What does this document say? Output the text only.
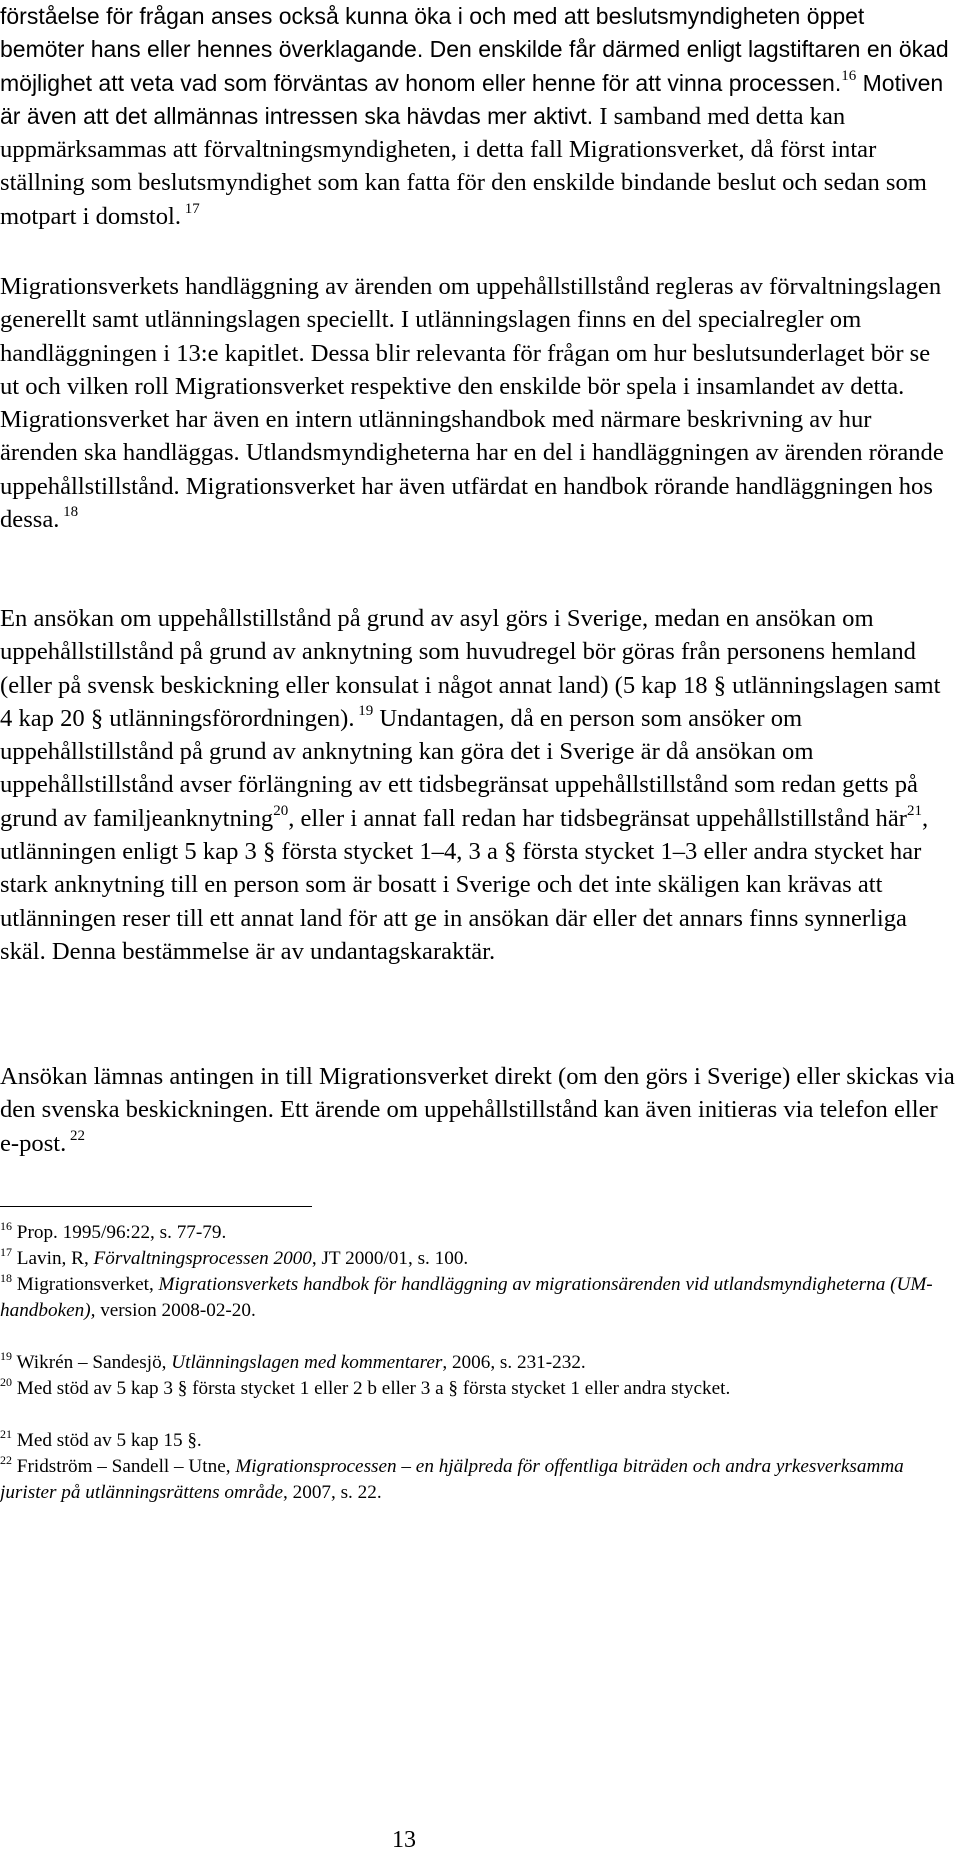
förståelse för frågan anses också kunna öka i och med att beslutsmyndigheten öppet bemöter hans eller hennes överklagande. Den enskilde får därmed enligt lagstiftaren en ökad möjlighet att veta vad som förväntas av honom eller henne för att vinna processen.$^{16}$ Motiven är även att det allmännas intressen ska hävdas mer aktivt. I samband med detta kan uppmärksammas att förvaltningsmyndigheten, i detta fall Migrationsverket, då först intar ställning som beslutsmyndighet som kan fatta för den enskilde bindande beslut och sedan som motpart i domstol. $^{17}$

Migrationsverkets handläggning av ärenden om uppehållstillstånd regleras av förvaltningslagen generellt samt utlänningslagen speciellt. I utlänningslagen finns en del specialregler om handläggningen i 13:e kapitlet. Dessa blir relevanta för frågan om hur beslutsunderlaget bör se ut och vilken roll Migrationsverket respektive den enskilde bör spela i insamlandet av detta. Migrationsverket har även en intern utlänningshandbok med närmare beskrivning av hur ärenden ska handläggas. Utlandsmyndigheterna har en del i handläggningen av ärenden rörande uppehållstillstånd. Migrationsverket har även utfärdat en handbok rörande handläggningen hos dessa. $^{18}$

En ansökan om uppehållstillstånd på grund av asyl görs i Sverige, medan en ansökan om uppehållstillstånd på grund av anknytning som huvudregel bör göras från personens hemland (eller på svensk beskickning eller konsulat i något annat land) (5 kap 18 § utlänningslagen samt 4 kap 20 § utlänningsförordningen). $^{19}$ Undantagen, då en person som ansöker om uppehållstillstånd på grund av anknytning kan göra det i Sverige är då ansökan om uppehållstillstånd avser förlängning av ett tidsbegränsat uppehållstillstånd som redan getts på grund av familjeanknytning$^{20}$, eller i annat fall redan har tidsbegränsat uppehållstillstånd här$^{21}$, utlänningen enligt 5 kap 3 § första stycket 1–4, 3 a § första stycket 1–3 eller andra stycket har stark anknytning till en person som är bosatt i Sverige och det inte skäligen kan krävas att utlänningen reser till ett annat land för att ge in ansökan där eller det annars finns synnerliga skäl. Denna bestämmelse är av undantagskaraktär.

Ansökan lämnas antingen in till Migrationsverket direkt (om den görs i Sverige) eller skickas via den svenska beskickningen. Ett ärende om uppehållstillstånd kan även initieras via telefon eller e-post. $^{22}$

$^{16}$ Prop. 1995/96:22, s. 77-79.

$^{17}$ Lavin, R, Förvaltningsprocessen 2000, JT 2000/01, s. 100.

$^{18}$ Migrationsverket, Migrationsverkets handbok för handläggning av migrationsärenden vid utlandsmyndigheterna (UM-handboken), version 2008-02-20.

$^{19}$ Wikrén – Sandesjö, Utlänningslagen med kommentarer, 2006, s. 231-232.

$^{20}$ Med stöd av 5 kap 3 § första stycket 1 eller 2 b eller 3 a § första stycket 1 eller andra stycket.

$^{21}$ Med stöd av 5 kap 15 §.

$^{22}$ Fridström – Sandell – Utne, Migrationsprocessen – en hjälpreda för offentliga biträden och andra yrkesverksamma jurister på utlänningsrättens område, 2007, s. 22.

13
